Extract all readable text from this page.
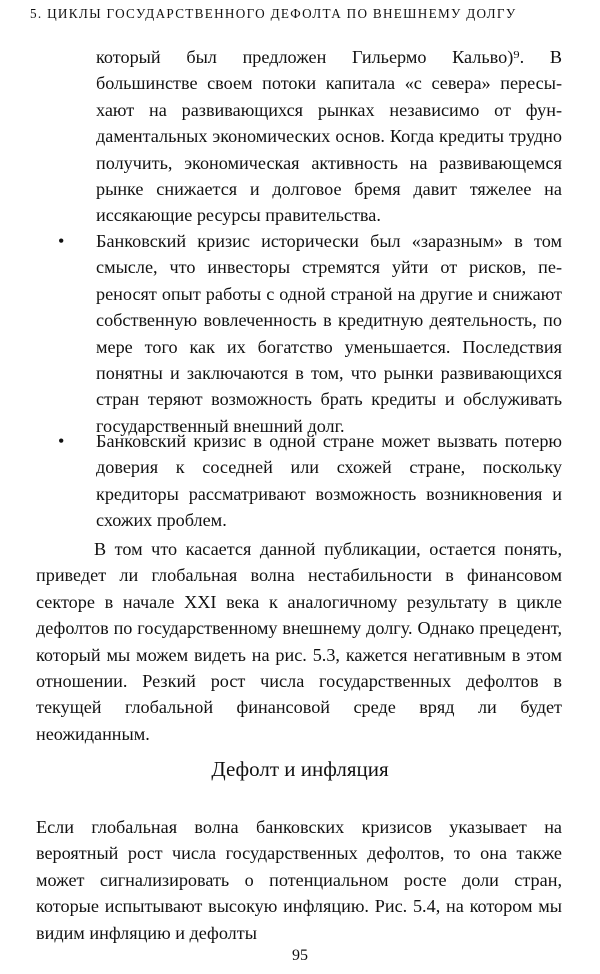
5. ЦИКЛЫ ГОСУДАРСТВЕННОГО ДЕФОЛТА ПО ВНЕШНЕМУ ДОЛГУ

который был предложен Гильермо Кальво)⁹. В большинстве своем потоки капитала «с севера» пересыхают на развивающихся рынках независимо от фундаментальных экономических основ. Когда кредиты трудно получить, экономическая активность на развивающемся рынке снижается и долговое бремя давит тяжелее на иссякающие ресурсы правительства.

• Банковский кризис исторически был «заразным» в том смысле, что инвесторы стремятся уйти от рисков, переносят опыт работы с одной страной на другие и снижают собственную вовлеченность в кредитную деятельность, по мере того как их богатство уменьшается. Последствия понятны и заключаются в том, что рынки развивающихся стран теряют возможность брать кредиты и обслуживать государственный внешний долг.

• Банковский кризис в одной стране может вызвать потерю доверия к соседней или схожей стране, поскольку кредиторы рассматривают возможность возникновения и схожих проблем.

В том что касается данной публикации, остается понять, приведет ли глобальная волна нестабильности в финансовом секторе в начале XXI века к аналогичному результату в цикле дефолтов по государственному внешнему долгу. Однако прецедент, который мы можем видеть на рис. 5.3, кажется негативным в этом отношении. Резкий рост числа государственных дефолтов в текущей глобальной финансовой среде вряд ли будет неожиданным.

Дефолт и инфляция

Если глобальная волна банковских кризисов указывает на вероятный рост числа государственных дефолтов, то она также может сигнализировать о потенциальном росте доли стран, которые испытывают высокую инфляцию. Рис. 5.4, на котором мы видим инфляцию и дефолты

95
